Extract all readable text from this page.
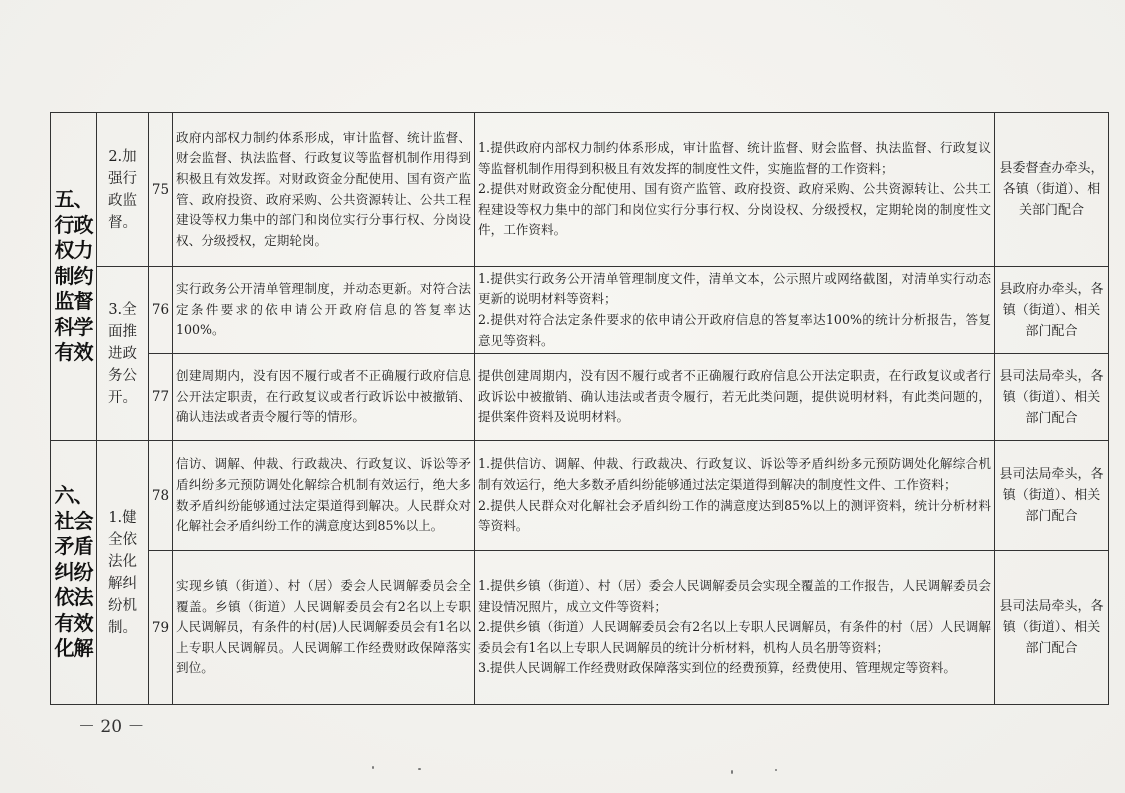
五、行政权力制约监督科学有效	2.加强行政监督。	75	政府内部权力制约体系形成，审计监督、统计监督、财会监督、执法监督、行政复议等监督机制作用得到积极且有效发挥。对财政资金分配使用、国有资产监管、政府投资、政府采购、公共资源转让、公共工程建设等权力集中的部门和岗位实行分事行权、分岗设权、分级授权，定期轮岗。	1.提供政府内部权力制约体系形成，审计监督、统计监督、财会监督、执法监督、行政复议等监督机制作用得到积极且有效发挥的制度性文件，实施监督的工作资料；
2.提供对财政资金分配使用、国有资产监管、政府投资、政府采购、公共资源转让、公共工程建设等权力集中的部门和岗位实行分事行权、分岗设权、分级授权，定期轮岗的制度性文件，工作资料。	县委督查办牵头，各镇（街道）、相关部门配合
	3.全面推进政务公开。	76	实行政务公开清单管理制度，并动态更新。对符合法定条件要求的依申请公开政府信息的答复率达100%。	1.提供实行政务公开清单管理制度文件，清单文本，公示照片或网络截图，对清单实行动态更新的说明材料等资料；
2.提供对符合法定条件要求的依申请公开政府信息的答复率达100%的统计分析报告，答复意见等资料。	县政府办牵头，各镇（街道）、相关部门配合
		77	创建周期内，没有因不履行或者不正确履行政府信息公开法定职责，在行政复议或者行政诉讼中被撤销、确认违法或者责令履行等的情形。	提供创建周期内，没有因不履行或者不正确履行政府信息公开法定职责，在行政复议或者行政诉讼中被撤销、确认违法或者责令履行，若无此类问题，提供说明材料，有此类问题的，提供案件资料及说明材料。	县司法局牵头，各镇（街道）、相关部门配合
六、社会矛盾纠纷依法有效化解	1.健全依法化解纠纷机制。	78	信访、调解、仲裁、行政裁决、行政复议、诉讼等矛盾纠纷多元预防调处化解综合机制有效运行，绝大多数矛盾纠纷能够通过法定渠道得到解决。人民群众对化解社会矛盾纠纷工作的满意度达到85%以上。	1.提供信访、调解、仲裁、行政裁决、行政复议、诉讼等矛盾纠纷多元预防调处化解综合机制有效运行，绝大多数矛盾纠纷能够通过法定渠道得到解决的制度性文件、工作资料；
2.提供人民群众对化解社会矛盾纠纷工作的满意度达到85%以上的测评资料，统计分析材料等资料。	县司法局牵头，各镇（街道）、相关部门配合
		79	实现乡镇（街道）、村（居）委会人民调解委员会全覆盖。乡镇（街道）人民调解委员会有2名以上专职人民调解员，有条件的村(居)人民调解委员会有1名以上专职人民调解员。人民调解工作经费财政保障落实到位。	1.提供乡镇（街道）、村（居）委会人民调解委员会实现全覆盖的工作报告，人民调解委员会建设情况照片，成立文件等资料；
2.提供乡镇（街道）人民调解委员会有2名以上专职人民调解员，有条件的村（居）人民调解委员会有1名以上专职人民调解员的统计分析材料，机构人员名册等资料；
3.提供人民调解工作经费财政保障落实到位的经费预算，经费使用、管理规定等资料。	县司法局牵头，各镇（街道）、相关部门配合
－ 20 －
